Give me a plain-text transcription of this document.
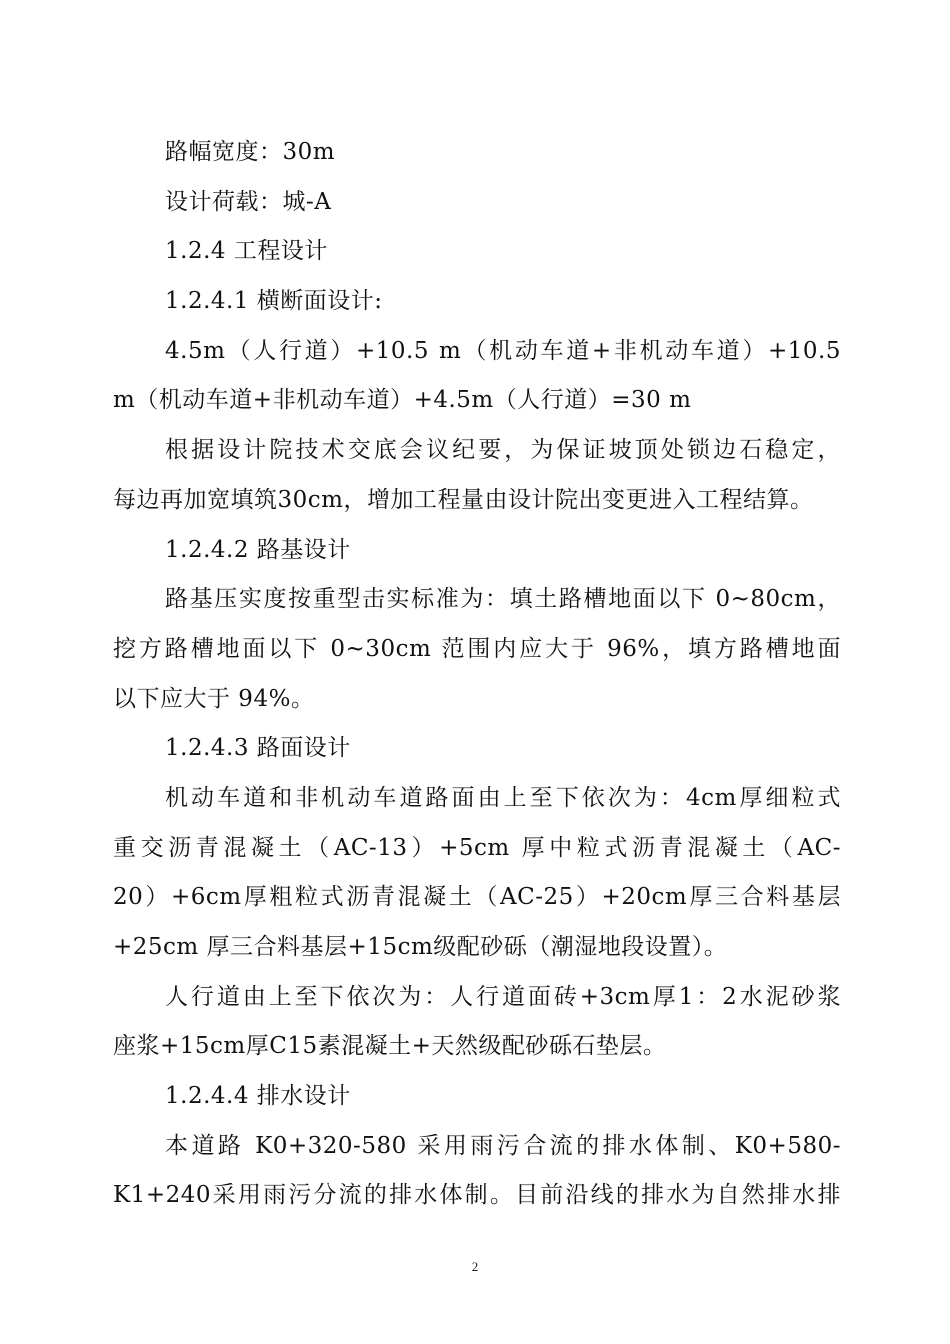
路幅宽度：30m
设计荷载：城-A
1.2.4 工程设计
1.2.4.1 横断面设计:
4.5m（人行道）+10.5 m（机动车道+非机动车道）+10.5
m（机动车道+非机动车道）+4.5m（人行道）=30 m
根据设计院技术交底会议纪要，为保证坡顶处锁边石稳定，
每边再加宽填筑30cm，增加工程量由设计院出变更进入工程结算。
1.2.4.2 路基设计
路基压实度按重型击实标准为：填土路槽地面以下 0~80cm，
挖方路槽地面以下 0~30cm 范围内应大于 96%，填方路槽地面
以下应大于 94%。
1.2.4.3 路面设计
机动车道和非机动车道路面由上至下依次为：4cm厚细粒式
重交沥青混凝土（AC-13）+5cm 厚中粒式沥青混凝土（AC-
20）+6cm厚粗粒式沥青混凝土（AC-25）+20cm厚三合料基层
+25cm 厚三合料基层+15cm级配砂砾（潮湿地段设置）。
人行道由上至下依次为：人行道面砖+3cm厚1：2水泥砂浆
座浆+15cm厚C15素混凝土+天然级配砂砾石垫层。
1.2.4.4 排水设计
本道路 K0+320-580 采用雨污合流的排水体制、K0+580-
K1+240采用雨污分流的排水体制。目前沿线的排水为自然排水排
2
